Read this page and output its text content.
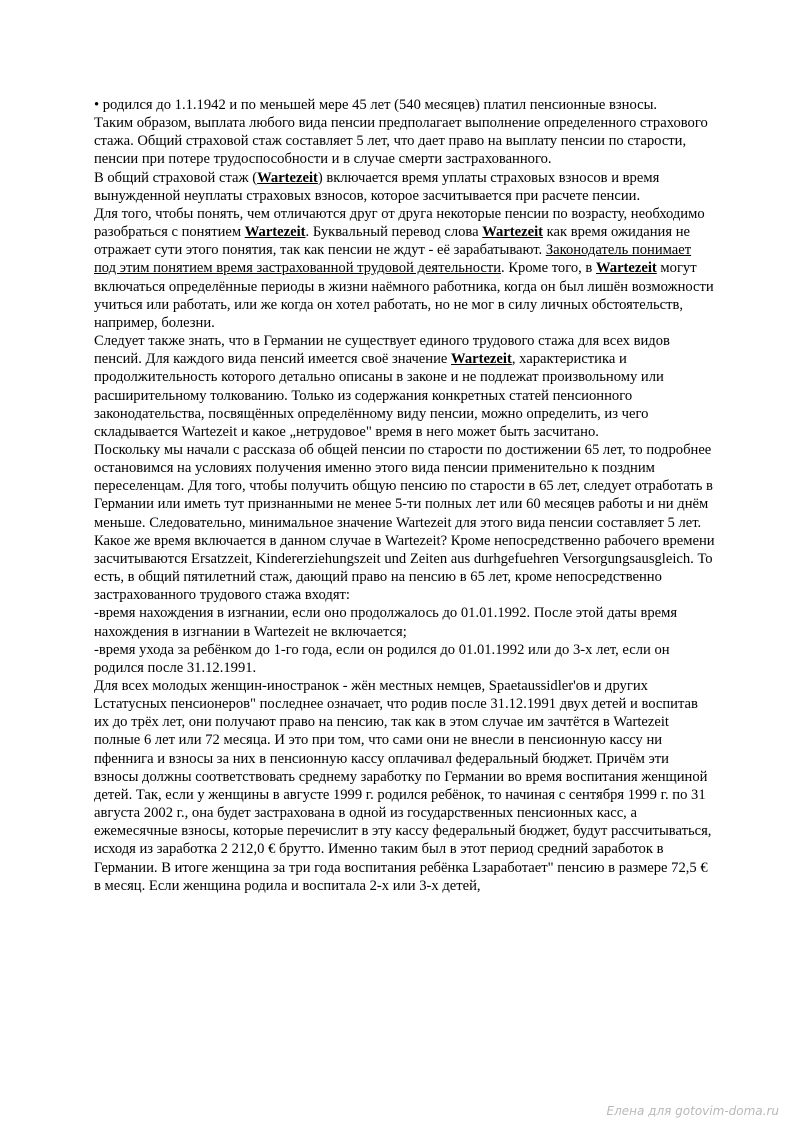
• родился до 1.1.1942 и по меньшей мере 45 лет (540 месяцев) платил пенсионные взносы.

Таким образом, выплата любого вида пенсии предполагает выполнение определенного страхового стажа. Общий страховой стаж составляет 5 лет, что дает право на выплату пенсии по старости, пенсии при потере трудоспособности и в случае смерти застрахованного.

В общий страховой стаж (Wartezeit) включается время уплаты страховых взносов и время вынужденной неуплаты страховых взносов, которое засчитывается при расчете пенсии.

Для того, чтобы понять, чем отличаются друг от друга некоторые пенсии по возрасту, необходимо разобраться с понятием Wartezeit. Буквальный перевод слова Wartezeit как время ожидания не отражает сути этого понятия, так как пенсии не ждут - её зарабатывают. Законодатель понимает под этим понятием время застрахованной трудовой деятельности. Кроме того, в Wartezeit могут включаться определённые периоды в жизни наёмного работника, когда он был лишён возможности учиться или работать, или же когда он хотел работать, но не мог в силу личных обстоятельств, например, болезни.

Следует также знать, что в Германии не существует единого трудового стажа для всех видов пенсий. Для каждого вида пенсий имеется своё значение Wartezeit, характеристика и продолжительность которого детально описаны в законе и не подлежат произвольному или расширительному толкованию. Только из содержания конкретных статей пенсионного законодательства, посвящённых определённому виду пенсии, можно определить, из чего складывается Wartezeit и какое „нетрудовое" время в него может быть засчитано.

Поскольку мы начали с рассказа об общей пенсии по старости по достижении 65 лет, то подробнее остановимся на условиях получения именно этого вида пенсии применительно к поздним переселенцам. Для того, чтобы получить общую пенсию по старости в 65 лет, следует отработать в Германии или иметь тут признанными не менее 5-ти полных лет или 60 месяцев работы и ни днём меньше. Следовательно, минимальное значение Wartezeit для этого вида пенсии составляет 5 лет. Какое же время включается в данном случае в Wartezeit? Кроме непосредственно рабочего времени засчитываются Ersatzzeit, Kindererziehungszeit und Zeiten aus durhgefuehren Versorgungsausgleich. То есть, в общий пятилетний стаж, дающий право на пенсию в 65 лет, кроме непосредственно застрахованного трудового стажа входят:

-время нахождения в изгнании, если оно продолжалось до 01.01.1992. После этой даты время нахождения в изгнании в Wartezeit не включается;

-время ухода за ребёнком до 1-го года, если он родился до 01.01.1992 или до 3-х лет, если он родился после 31.12.1991.

Для всех молодых женщин-иностранок - жён местных немцев, Spaetaussidler'ов и других Lстатусных пенсионеров" последнее означает, что родив после 31.12.1991 двух детей и воспитав их до трёх лет, они получают право на пенсию, так как в этом случае им зачтётся в Wartezeit полные 6 лет или 72 месяца. И это при том, что сами они не внесли в пенсионную кассу ни пфеннига и взносы за них в пенсионную кассу оплачивал федеральный бюджет. Причём эти взносы должны соответствовать среднему заработку по Германии во время воспитания женщиной детей. Так, если у женщины в августе 1999 г. родился ребёнок, то начиная с сентября 1999 г. по 31 августа 2002 г., она будет застрахована в одной из государственных пенсионных касс, а ежемесячные взносы, которые перечислит в эту кассу федеральный бюджет, будут рассчитываться, исходя из заработка 2 212,0 € брутто. Именно таким был в этот период средний заработок в Германии. В итоге женщина за три года воспитания ребёнка Lзаработает" пенсию в размере 72,5 € в месяц. Если женщина родила и воспитала 2-х или 3-х детей,

Елена для gotovim-doma.ru
